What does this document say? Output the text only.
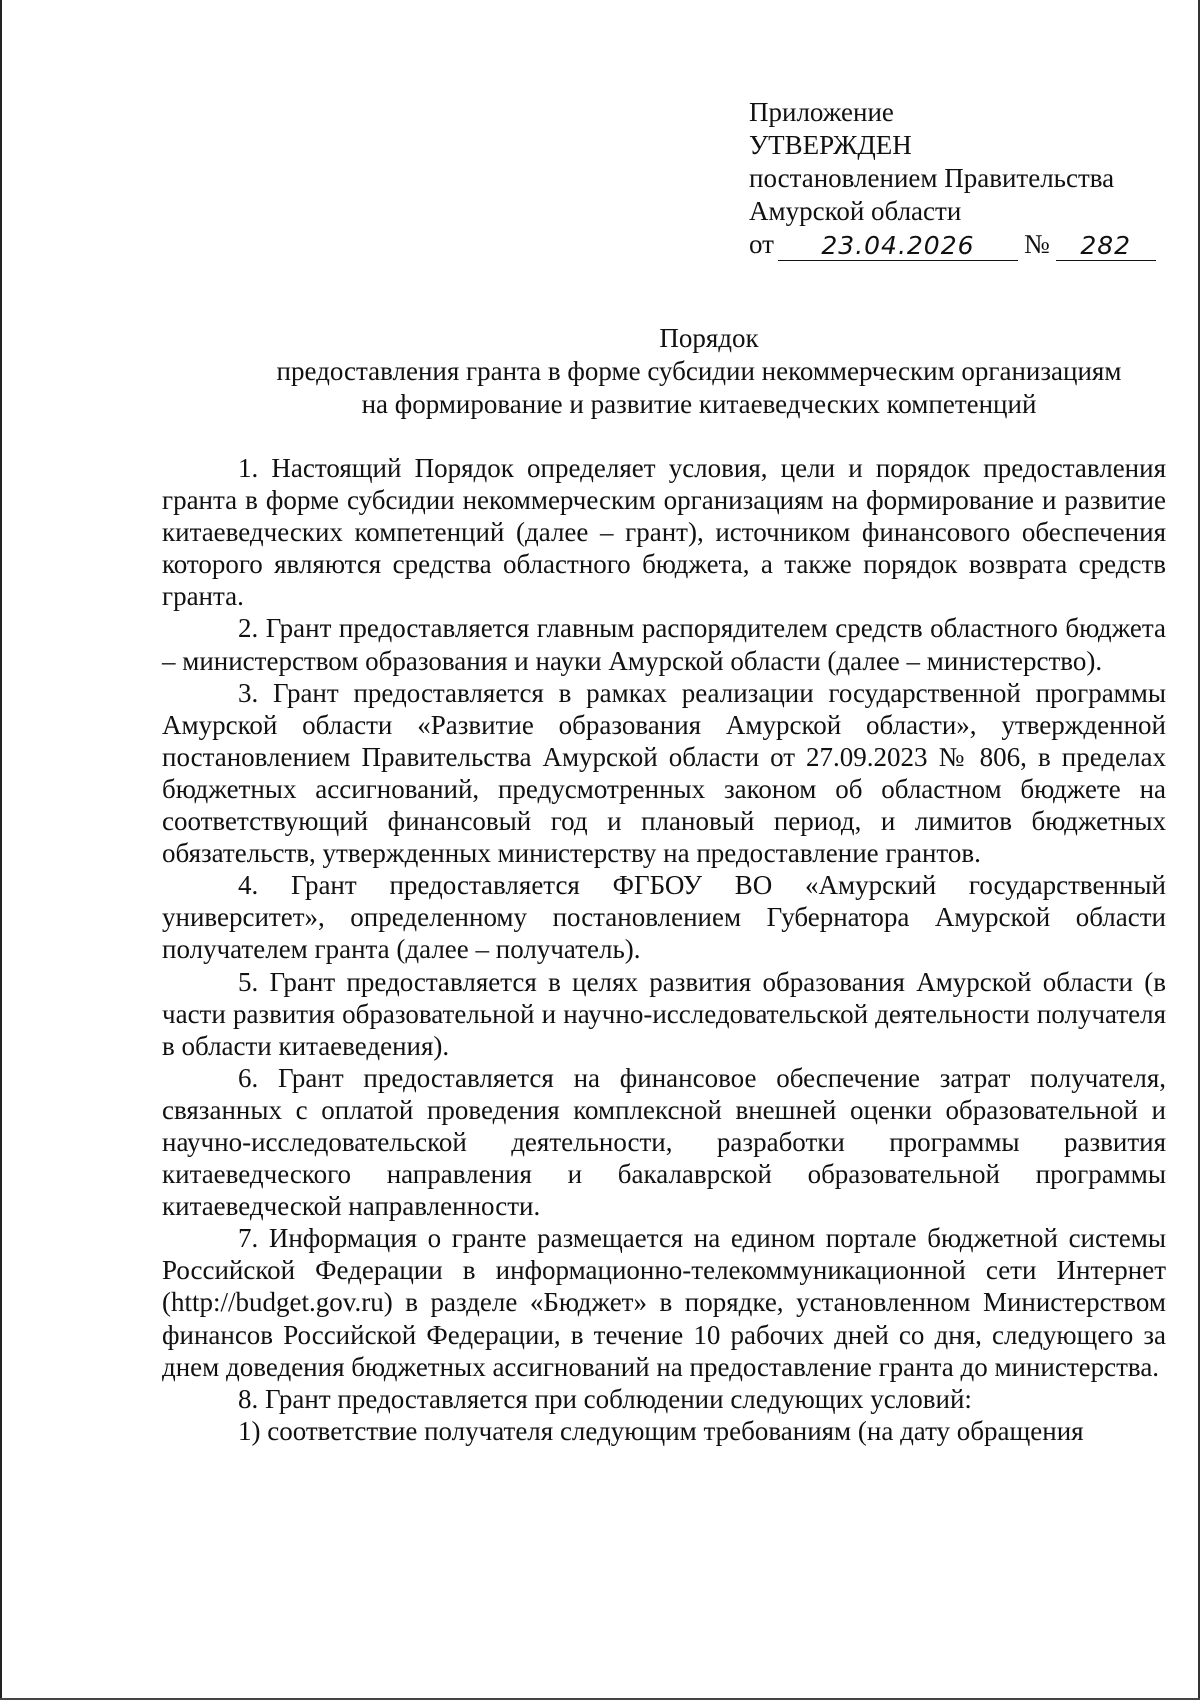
Приложение
УТВЕРЖДЕН
постановлением Правительства
Амурской области
от	23.04.2026	№	282
Порядок
предоставления гранта в форме субсидии некоммерческим организациям
на формирование и развитие китаеведческих компетенций

1. Настоящий Порядок определяет условия, цели и порядок предоставления гранта в форме субсидии некоммерческим организациям на формирование и развитие китаеведческих компетенций (далее – грант), источником финансового обеспечения которого являются средства областного бюджета, а также порядок возврата средств гранта.

2. Грант предоставляется главным распорядителем средств областного бюджета – министерством образования и науки Амурской области (далее – министерство).

3. Грант предоставляется в рамках реализации государственной программы Амурской области «Развитие образования Амурской области», утвержденной постановлением Правительства Амурской области от 27.09.2023 № 806, в пределах бюджетных ассигнований, предусмотренных законом об областном бюджете на соответствующий финансовый год и плановый период, и лимитов бюджетных обязательств, утвержденных министерству на предоставление грантов.

4. Грант предоставляется ФГБОУ ВО «Амурский государственный университет», определенному постановлением Губернатора Амурской области получателем гранта (далее – получатель).

5. Грант предоставляется в целях развития образования Амурской области (в части развития образовательной и научно-исследовательской деятельности получателя в области китаеведения).

6. Грант предоставляется на финансовое обеспечение затрат получателя, связанных с оплатой проведения комплексной внешней оценки образовательной и научно-исследовательской деятельности, разработки программы развития китаеведческого направления и бакалаврской образовательной программы китаеведческой направленности.

7. Информация о гранте размещается на едином портале бюджетной системы Российской Федерации в информационно-телекоммуникационной сети Интернет (http://budget.gov.ru) в разделе «Бюджет» в порядке, установленном Министерством финансов Российской Федерации, в течение 10 рабочих дней со дня, следующего за днем доведения бюджетных ассигнований на предоставление гранта до министерства.

8. Грант предоставляется при соблюдении следующих условий:

1) соответствие получателя следующим требованиям (на дату обращения
